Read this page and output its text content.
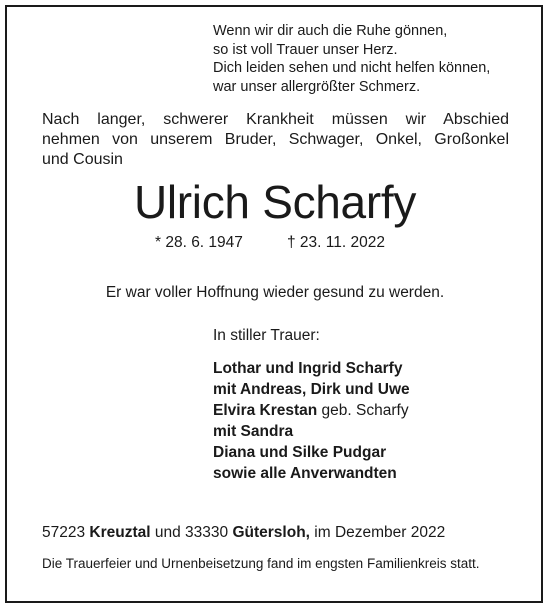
Wenn wir dir auch die Ruhe gönnen,
so ist voll Trauer unser Herz.
Dich leiden sehen und nicht helfen können,
war unser allergrößter Schmerz.
Nach langer, schwerer Krankheit müssen wir Abschied
nehmen von unserem Bruder, Schwager, Onkel, Großonkel
und Cousin
Ulrich Scharfy
* 28. 6. 1947	† 23. 11. 2022
Er war voller Hoffnung wieder gesund zu werden.
In stiller Trauer:
Lothar und Ingrid Scharfy
mit Andreas, Dirk und Uwe
Elvira Krestan geb. Scharfy
mit Sandra
Diana und Silke Pudgar
sowie alle Anverwandten
57223 Kreuztal und 33330 Gütersloh, im Dezember 2022
Die Trauerfeier und Urnenbeisetzung fand im engsten Familienkreis statt.
